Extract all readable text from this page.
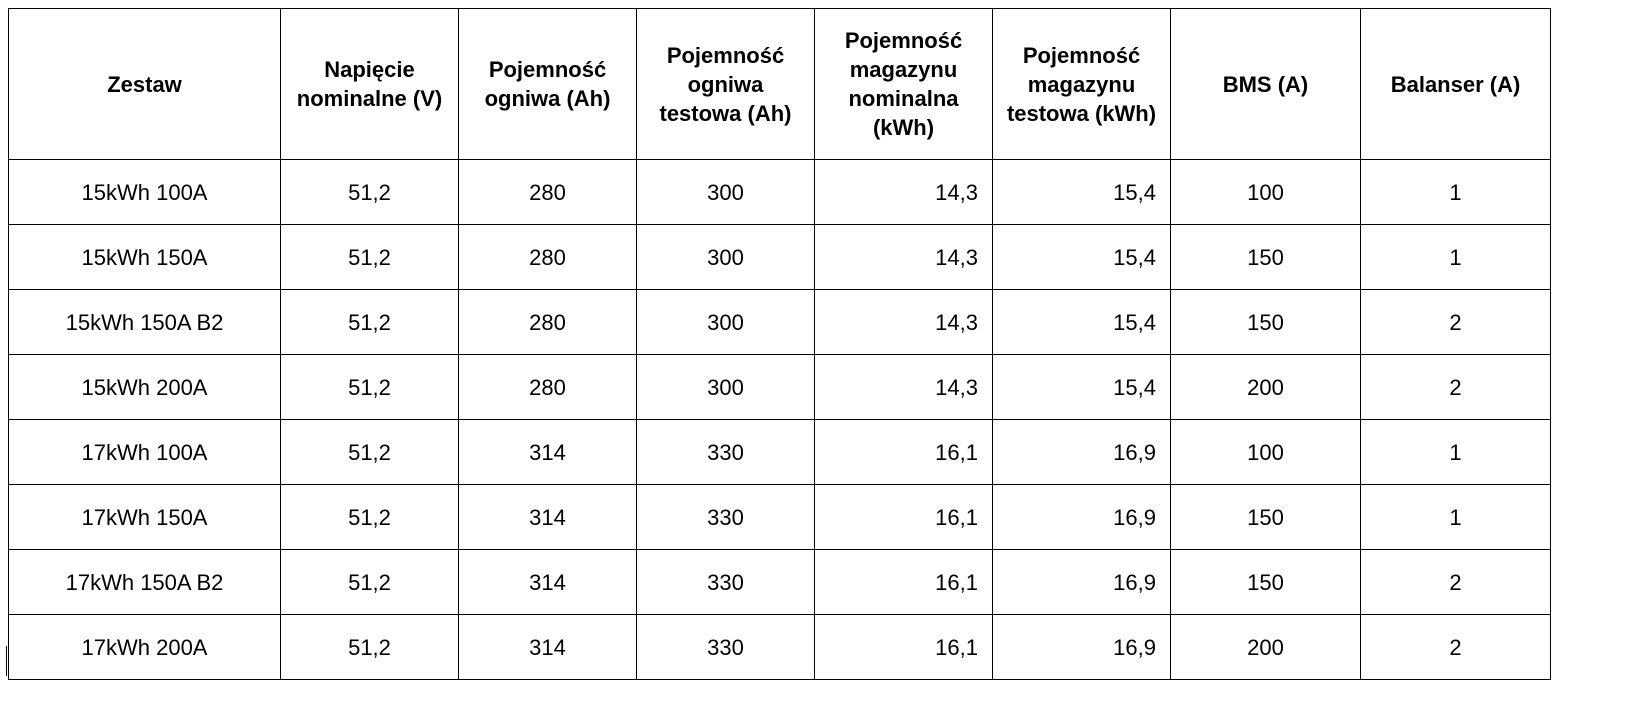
Zestaw	Napięcie nominalne (V)	Pojemność ogniwa (Ah)	Pojemność ogniwa testowa (Ah)	Pojemność magazynu nominalna (kWh)	Pojemność magazynu testowa (kWh)	BMS (A)	Balanser (A)
15kWh 100A	51,2	280	300	14,3	15,4	100	1
15kWh 150A	51,2	280	300	14,3	15,4	150	1
15kWh 150A B2	51,2	280	300	14,3	15,4	150	2
15kWh 200A	51,2	280	300	14,3	15,4	200	2
17kWh 100A	51,2	314	330	16,1	16,9	100	1
17kWh 150A	51,2	314	330	16,1	16,9	150	1
17kWh 150A B2	51,2	314	330	16,1	16,9	150	2
17kWh 200A	51,2	314	330	16,1	16,9	200	2
